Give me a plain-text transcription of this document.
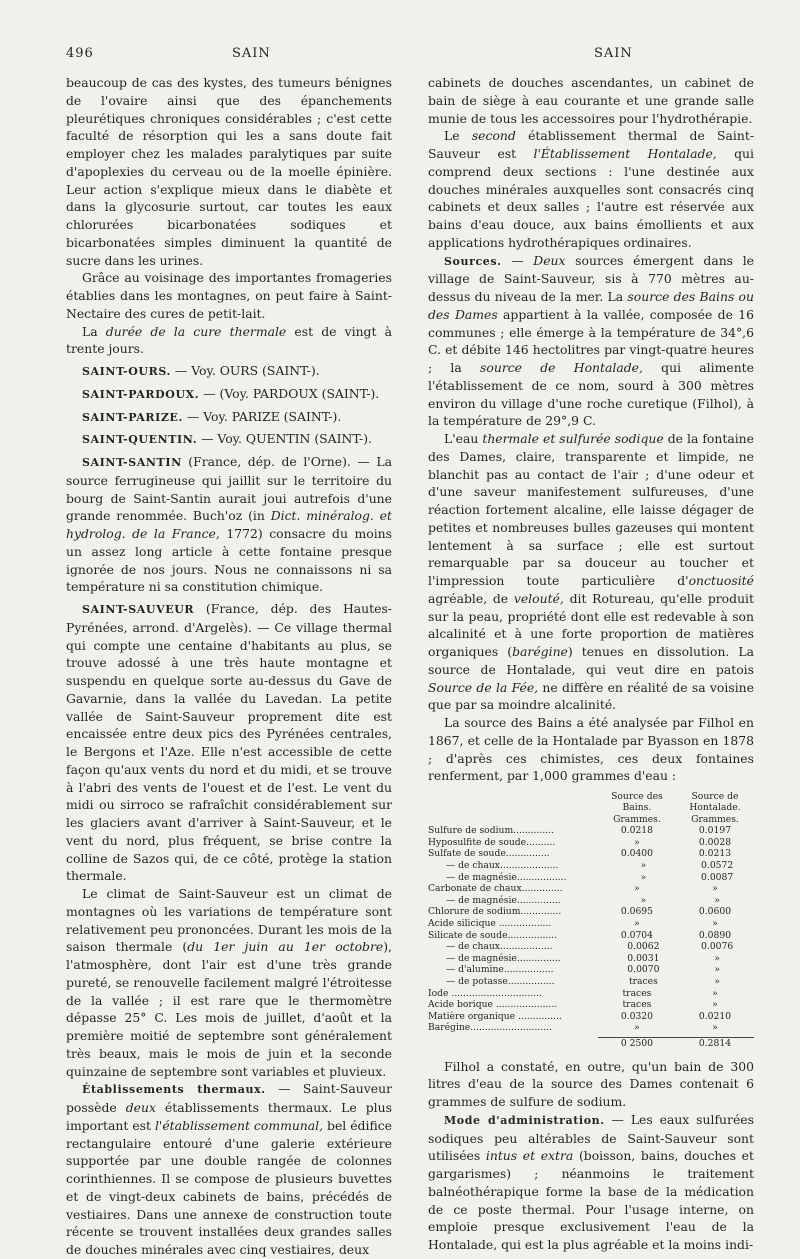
496	SAIN	SAIN

beaucoup de cas des kystes, des tumeurs bénignes de l'ovaire ainsi que des épanchements pleurétiques chroniques considérables ; c'est cette faculté de résorption qui les a sans doute fait employer chez les malades paralytiques par suite d'apoplexies du cerveau ou de la moelle épinière. Leur action s'explique mieux dans le diabète et dans la glycosurie surtout, car toutes les eaux chlorurées bicarbonatées sodiques et bicarbonatées simples diminuent la quantité de sucre dans les urines.

Grâce au voisinage des importantes fromageries établies dans les montagnes, on peut faire à Saint-Nectaire des cures de petit-lait.

La durée de la cure thermale est de vingt à trente jours.

SAINT-OURS. — Voy. OURS (SAINT-).

SAINT-PARDOUX. — (Voy. PARDOUX (SAINT-).

SAINT-PARIZE. — Voy. PARIZE (SAINT-).

SAINT-QUENTIN. — Voy. QUENTIN (SAINT-).

SAINT-SANTIN (France, dép. de l'Orne). — La source ferrugineuse qui jaillit sur le territoire du bourg de Saint-Santin aurait joui autrefois d'une grande renommée. Buch'oz (in Dict. minéralog. et hydrolog. de la France, 1772) consacre du moins un assez long article à cette fontaine presque ignorée de nos jours. Nous ne connaissons ni sa température ni sa constitution chimique.

SAINT-SAUVEUR (France, dép. des Hautes-Pyrénées, arrond. d'Argelès). — Ce village thermal qui compte une centaine d'habitants au plus, se trouve adossé à une très haute montagne et suspendu en quelque sorte au-dessus du Gave de Gavarnie, dans la vallée du Lavedan. La petite vallée de Saint-Sauveur proprement dite est encaissée entre deux pics des Pyrénées centrales, le Bergons et l'Aze. Elle n'est accessible de cette façon qu'aux vents du nord et du midi, et se trouve à l'abri des vents de l'ouest et de l'est. Le vent du midi ou sirroco se rafraîchit considérablement sur les glaciers avant d'arriver à Saint-Sauveur, et le vent du nord, plus fréquent, se brise contre la colline de Sazos qui, de ce côté, protège la station thermale.

Le climat de Saint-Sauveur est un climat de montagnes où les variations de température sont relativement peu prononcées. Durant les mois de la saison thermale (du 1er juin au 1er octobre), l'atmosphère, dont l'air est d'une très grande pureté, se renouvelle facilement malgré l'étroitesse de la vallée ; il est rare que le thermomètre dépasse 25° C. Les mois de juillet, d'août et la première moitié de septembre sont généralement très beaux, mais le mois de juin et la seconde quinzaine de septembre sont variables et pluvieux.

Établissements thermaux. — Saint-Sauveur possède deux établissements thermaux. Le plus important est l'établissement communal, bel édifice rectangulaire entouré d'une galerie extérieure supportée par une double rangée de colonnes corinthiennes. Il se compose de plusieurs buvettes et de vingt-deux cabinets de bains, précédés de vestiaires. Dans une annexe de construction toute récente se trouvent installées deux grandes salles de douches minérales avec cinq vestiaires, deux

cabinets de douches ascendantes, un cabinet de bain de siège à eau courante et une grande salle munie de tous les accessoires pour l'hydrothérapie.

Le second établissement thermal de Saint-Sauveur est l'Établissement Hontalade, qui comprend deux sections : l'une destinée aux douches minérales auxquelles sont consacrés cinq cabinets et deux salles ; l'autre est réservée aux bains d'eau douce, aux bains émollients et aux applications hydrothérapiques ordinaires.

Sources. — Deux sources émergent dans le village de Saint-Sauveur, sis à 770 mètres au-dessus du niveau de la mer. La source des Bains ou des Dames appartient à la vallée, composée de 16 communes ; elle émerge à la température de 34°,6 C. et débite 146 hectolitres par vingt-quatre heures ; la source de Hontalade, qui alimente l'établissement de ce nom, sourd à 300 mètres environ du village d'une roche curetique (Filhol), à la température de 29°,9 C.

L'eau thermale et sulfurée sodique de la fontaine des Dames, claire, transparente et limpide, ne blanchit pas au contact de l'air ; d'une odeur et d'une saveur manifestement sulfureuses, d'une réaction fortement alcaline, elle laisse dégager de petites et nombreuses bulles gazeuses qui montent lentement à sa surface ; elle est surtout remarquable par sa douceur au toucher et l'impression toute particulière d'onctuosité agréable, de velouté, dit Rotureau, qu'elle produit sur la peau, propriété dont elle est redevable à son alcalinité et à une forte proportion de matières organiques (barégine) tenues en dissolution. La source de Hontalade, qui veut dire en patois Source de la Fée, ne diffère en réalité de sa voisine que par sa moindre alcalinité.

La source des Bains a été analysée par Filhol en 1867, et celle de la Hontalade par Byasson en 1878 ; d'après ces chimistes, ces deux fontaines renferment, par 1,000 grammes d'eau :

Source des
Bains.
Grammes.
Source de
Hontalade.
Grammes.
Sulfure de sodium..............	0.0218	0.0197
Hyposulfite de soude..........	»	0.0028
Sulfate de soude...............	0.0400	0.0213
— de chaux....................	»	0.0572
— de magnésie.................	»	0.0087
Carbonate de chaux..............	»	»
— de magnésie...............	»	»
Chlorure de sodium..............	0.0695	0.0600
Acide silicique ..................	»	»
Silicate de soude.................	0.0704	0.0890
— de chaux..................	0.0062	0.0076
— de magnésie...............	0.0031	»
— d'alumine.................	0.0070	»
— de potasse................	traces	»
Iode ...............................	traces	»
Acide borique .....................	traces	»
Matière organique ...............	0.0320	0.0210
Barégine............................	»	»
0 2500	0.2814

Filhol a constaté, en outre, qu'un bain de 300 litres d'eau de la source des Dames contenait 6 grammes de sulfure de sodium.

Mode d'administration. — Les eaux sulfurées sodiques peu altérables de Saint-Sauveur sont utilisées intus et extra (boisson, bains, douches et gargarismes) ; néanmoins le traitement balnéothérapique forme la base de la médication de ce poste thermal. Pour l'usage interne, on emploie presque exclusivement l'eau de la Hontalade, qui est la plus agréable et la moins indi-
